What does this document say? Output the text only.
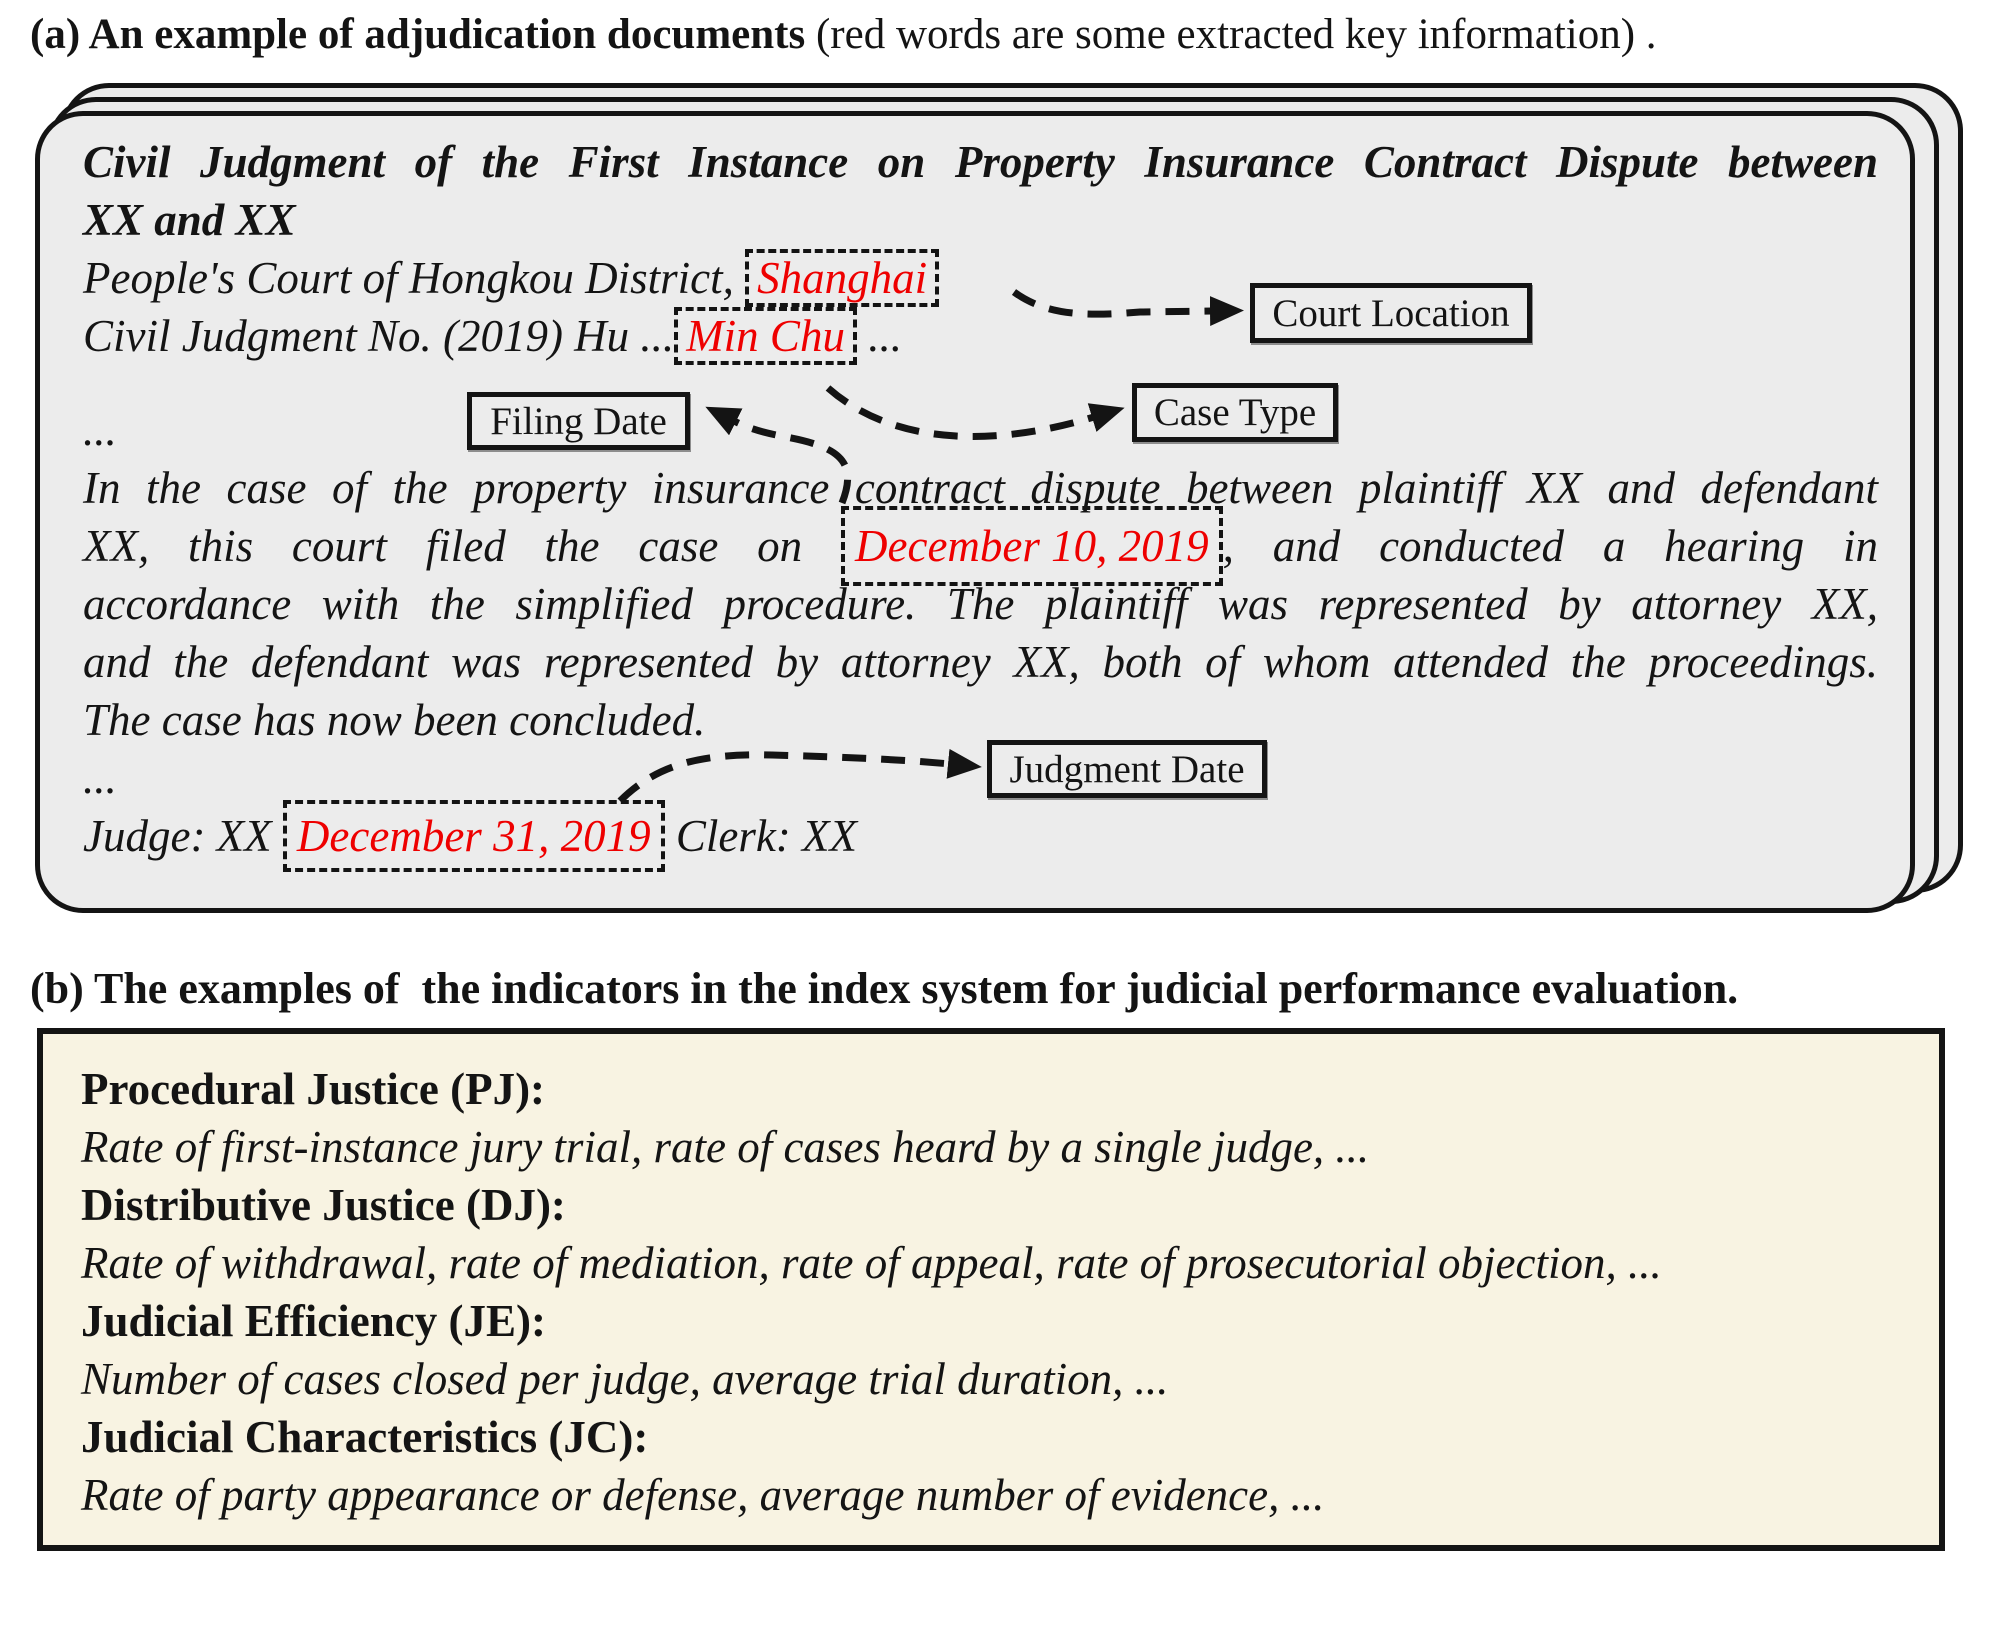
(a) An example of adjudication documents (red words are some extracted key information) .
Civil Judgment of the First Instance on Property Insurance Contract Dispute between
XX and XX
People's Court of Hongkou District, Shanghai
Civil Judgment No. (2019) Hu ... Min Chu ...
...
In the case of the property insurance contract dispute between plaintiff XX and defendant
XX, this court filed the case on December 10, 2019 , and conducted a hearing in
accordance with the simplified procedure. The plaintiff was represented by attorney XX,
and the defendant was represented by attorney XX, both of whom attended the proceedings.
The case has now been concluded.
...
Judge: XX December 31, 2019 Clerk: XX
Court Location
Case Type
Filing Date
Judgment Date
(b) The examples of  the indicators in the index system for judicial performance evaluation.
Procedural Justice (PJ):
Rate of first-instance jury trial, rate of cases heard by a single judge, ...
Distributive Justice (DJ):
Rate of withdrawal, rate of mediation, rate of appeal, rate of prosecutorial objection, ...
Judicial Efficiency (JE):
Number of cases closed per judge, average trial duration, ...
Judicial Characteristics (JC):
Rate of party appearance or defense, average number of evidence, ...
